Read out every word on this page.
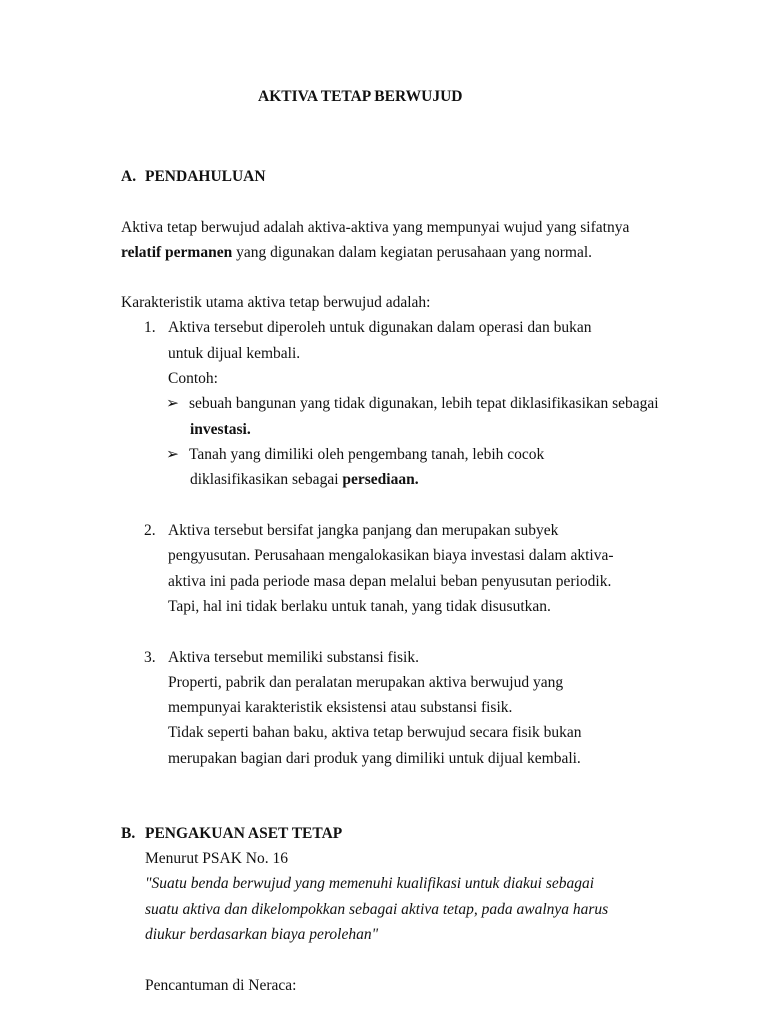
AKTIVA TETAP BERWUJUD
A. PENDAHULUAN
Aktiva tetap berwujud adalah aktiva-aktiva yang mempunyai wujud yang sifatnya
relatif permanen yang digunakan dalam kegiatan perusahaan yang normal.
Karakteristik utama aktiva tetap berwujud adalah:
1. Aktiva tersebut diperoleh untuk digunakan dalam operasi dan bukan
untuk dijual kembali.
Contoh:
➢ sebuah bangunan yang tidak digunakan, lebih tepat diklasifikasikan sebagai
investasi.
➢ Tanah yang dimiliki oleh pengembang tanah, lebih cocok
diklasifikasikan sebagai persediaan.
2. Aktiva tersebut bersifat jangka panjang dan merupakan subyek
pengyusutan. Perusahaan mengalokasikan biaya investasi dalam aktiva-
aktiva ini pada periode masa depan melalui beban penyusutan periodik.
Tapi, hal ini tidak berlaku untuk tanah, yang tidak disusutkan.
3. Aktiva tersebut memiliki substansi fisik.
Properti, pabrik dan peralatan merupakan aktiva berwujud yang
mempunyai karakteristik eksistensi atau substansi fisik.
Tidak seperti bahan baku, aktiva tetap berwujud secara fisik bukan
merupakan bagian dari produk yang dimiliki untuk dijual kembali.
B. PENGAKUAN ASET TETAP
Menurut PSAK No. 16
"Suatu benda berwujud yang memenuhi kualifikasi untuk diakui sebagai
suatu aktiva dan dikelompokkan sebagai aktiva tetap, pada awalnya harus
diukur berdasarkan biaya perolehan"
Pencantuman di Neraca:
